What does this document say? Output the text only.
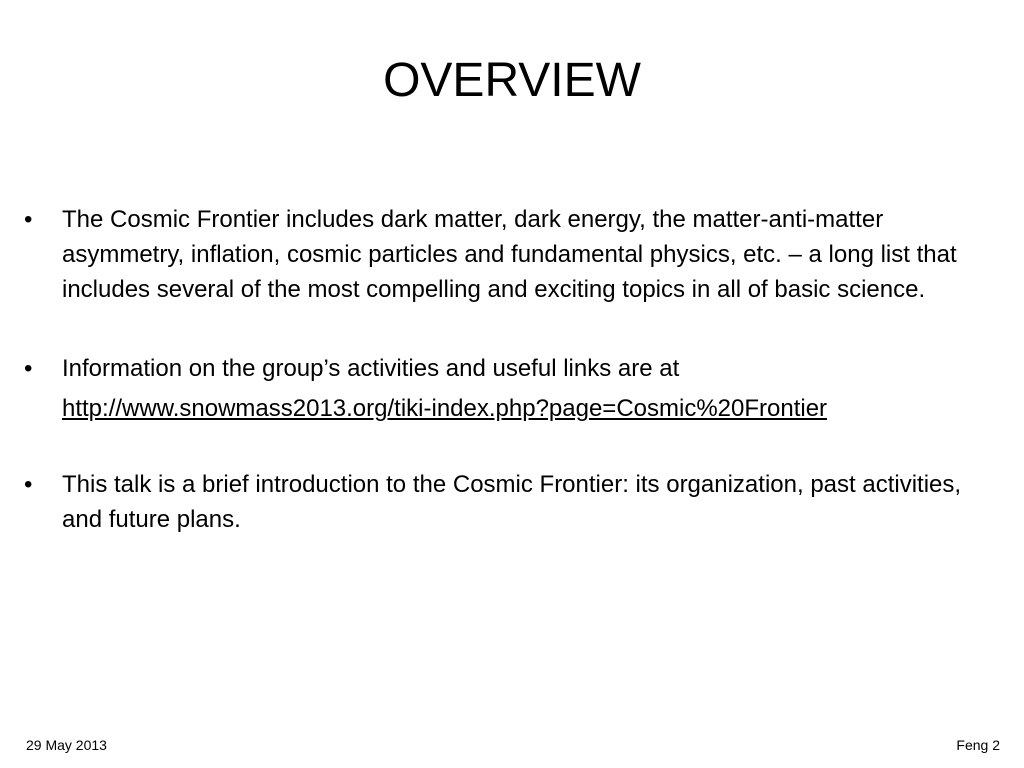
OVERVIEW
•	The Cosmic Frontier includes dark matter, dark energy, the matter-anti-matter asymmetry, inflation, cosmic particles and fundamental physics, etc. – a long list that includes several of the most compelling and exciting topics in all of basic science.
•	Information on the group’s activities and useful links are at
http://www.snowmass2013.org/tiki-index.php?page=Cosmic%20Frontier
•	This talk is a brief introduction to the Cosmic Frontier: its organization, past activities, and future plans.
29 May 2013	Feng 2
